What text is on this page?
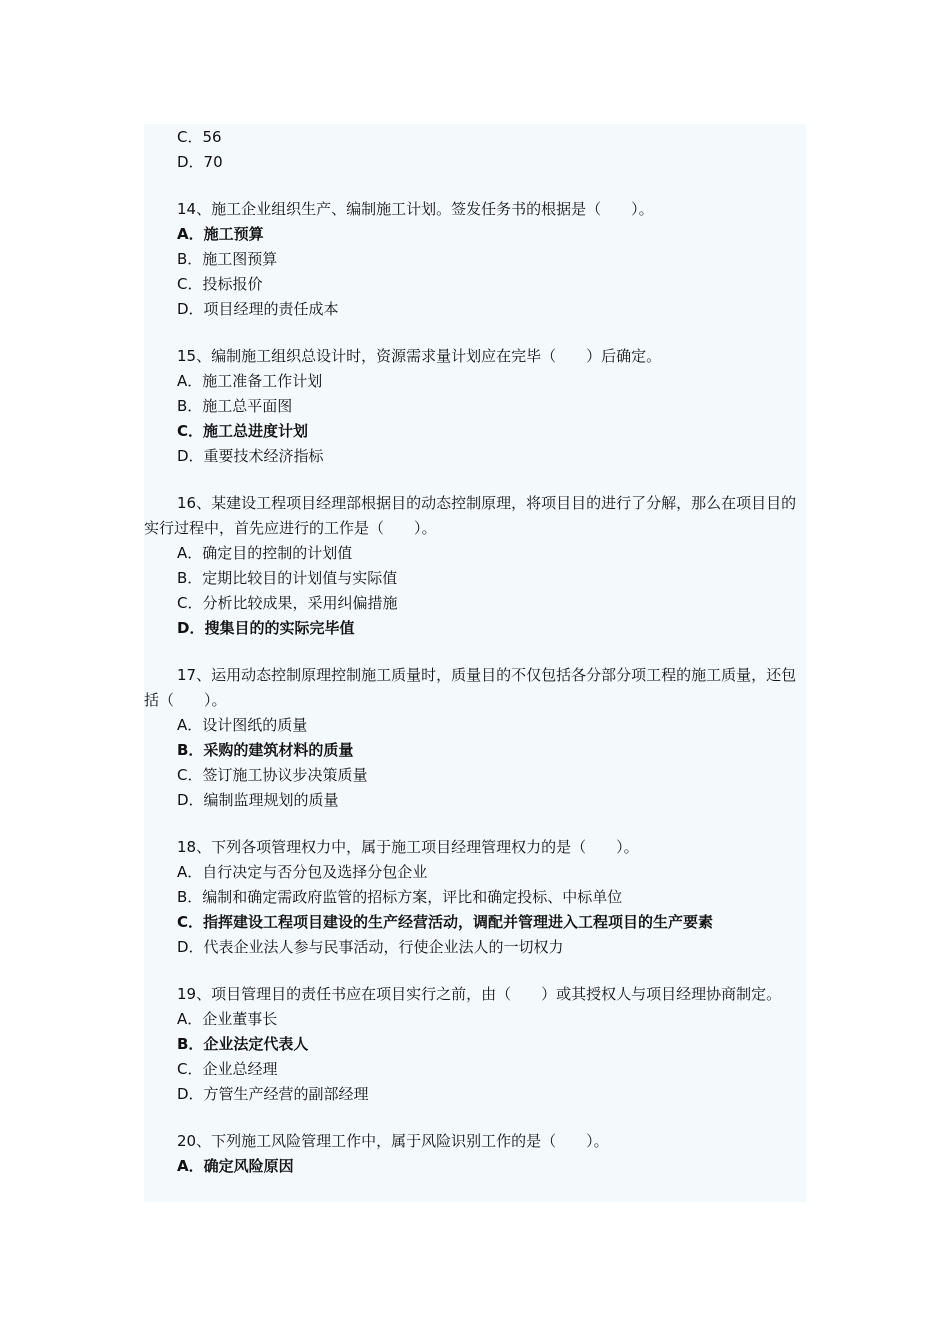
C．56
D．70
14、施工企业组织生产、编制施工计划。签发任务书的根据是（　　）。
A．施工预算
B．施工图预算
C．投标报价
D．项目经理的责任成本
15、编制施工组织总设计时，资源需求量计划应在完毕（　　）后确定。
A．施工准备工作计划
B．施工总平面图
C．施工总进度计划
D．重要技术经济指标
16、某建设工程项目经理部根据目的动态控制原理，将项目目的进行了分解，那么在项目目的实行过程中，首先应进行的工作是（　　）。
A．确定目的控制的计划值
B．定期比较目的计划值与实际值
C．分析比较成果，采用纠偏措施
D．搜集目的的实际完毕值
17、运用动态控制原理控制施工质量时，质量目的不仅包括各分部分项工程的施工质量，还包括（　　）。
A．设计图纸的质量
B．采购的建筑材料的质量
C．签订施工协议步决策质量
D．编制监理规划的质量
18、下列各项管理权力中，属于施工项目经理管理权力的是（　　）。
A．自行决定与否分包及选择分包企业
B．编制和确定需政府监管的招标方案，评比和确定投标、中标单位
C．指挥建设工程项目建设的生产经营活动，调配并管理进入工程项目的生产要素
D．代表企业法人参与民事活动，行使企业法人的一切权力
19、项目管理目的责任书应在项目实行之前，由（　　）或其授权人与项目经理协商制定。
A．企业董事长
B．企业法定代表人
C．企业总经理
D．方管生产经营的副部经理
20、下列施工风险管理工作中，属于风险识别工作的是（　　）。
A．确定风险原因
